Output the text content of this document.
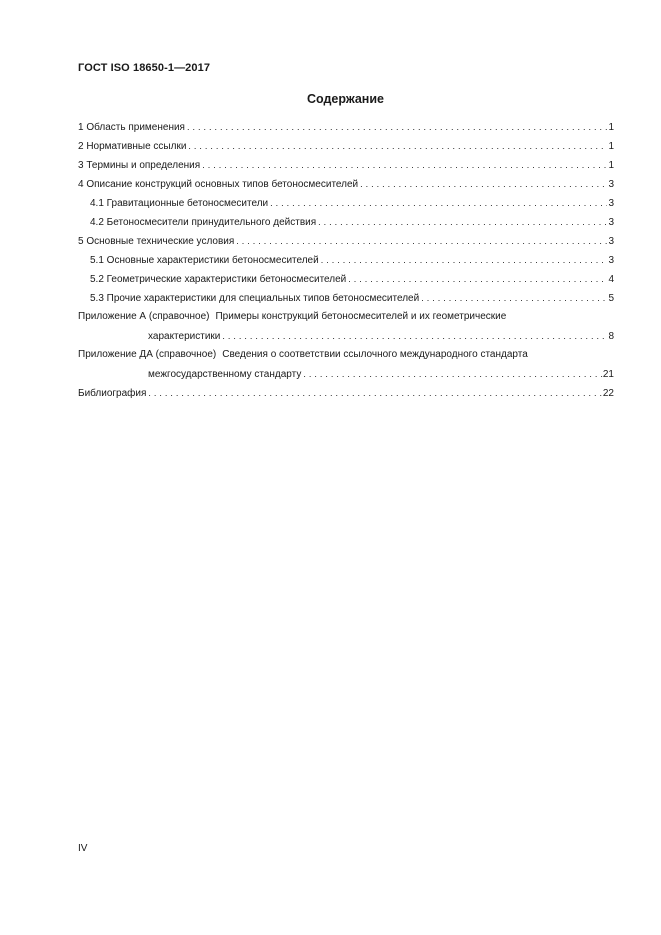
ГОСТ ISO 18650-1—2017
Содержание
1 Область применения . . .	1
2 Нормативные ссылки . . .	1
3 Термины и определения . . .	1
4 Описание конструкций основных типов бетоносмесителей . . .	3
4.1 Гравитационные бетоносмесители . . .	3
4.2 Бетоносмесители принудительного действия . . .	3
5 Основные технические условия . . .	3
5.1 Основные характеристики бетоносмесителей . . .	3
5.2 Геометрические характеристики бетоносмесителей . . .	4
5.3 Прочие характеристики для специальных типов бетоносмесителей . . .	5
Приложение А (справочное) Примеры конструкций бетоносмесителей и их геометрические
характеристики . . .	8
Приложение ДА (справочное) Сведения о соответствии ссылочного международного стандарта
межгосударственному стандарту . . .	21
Библиография . . .	22
IV
